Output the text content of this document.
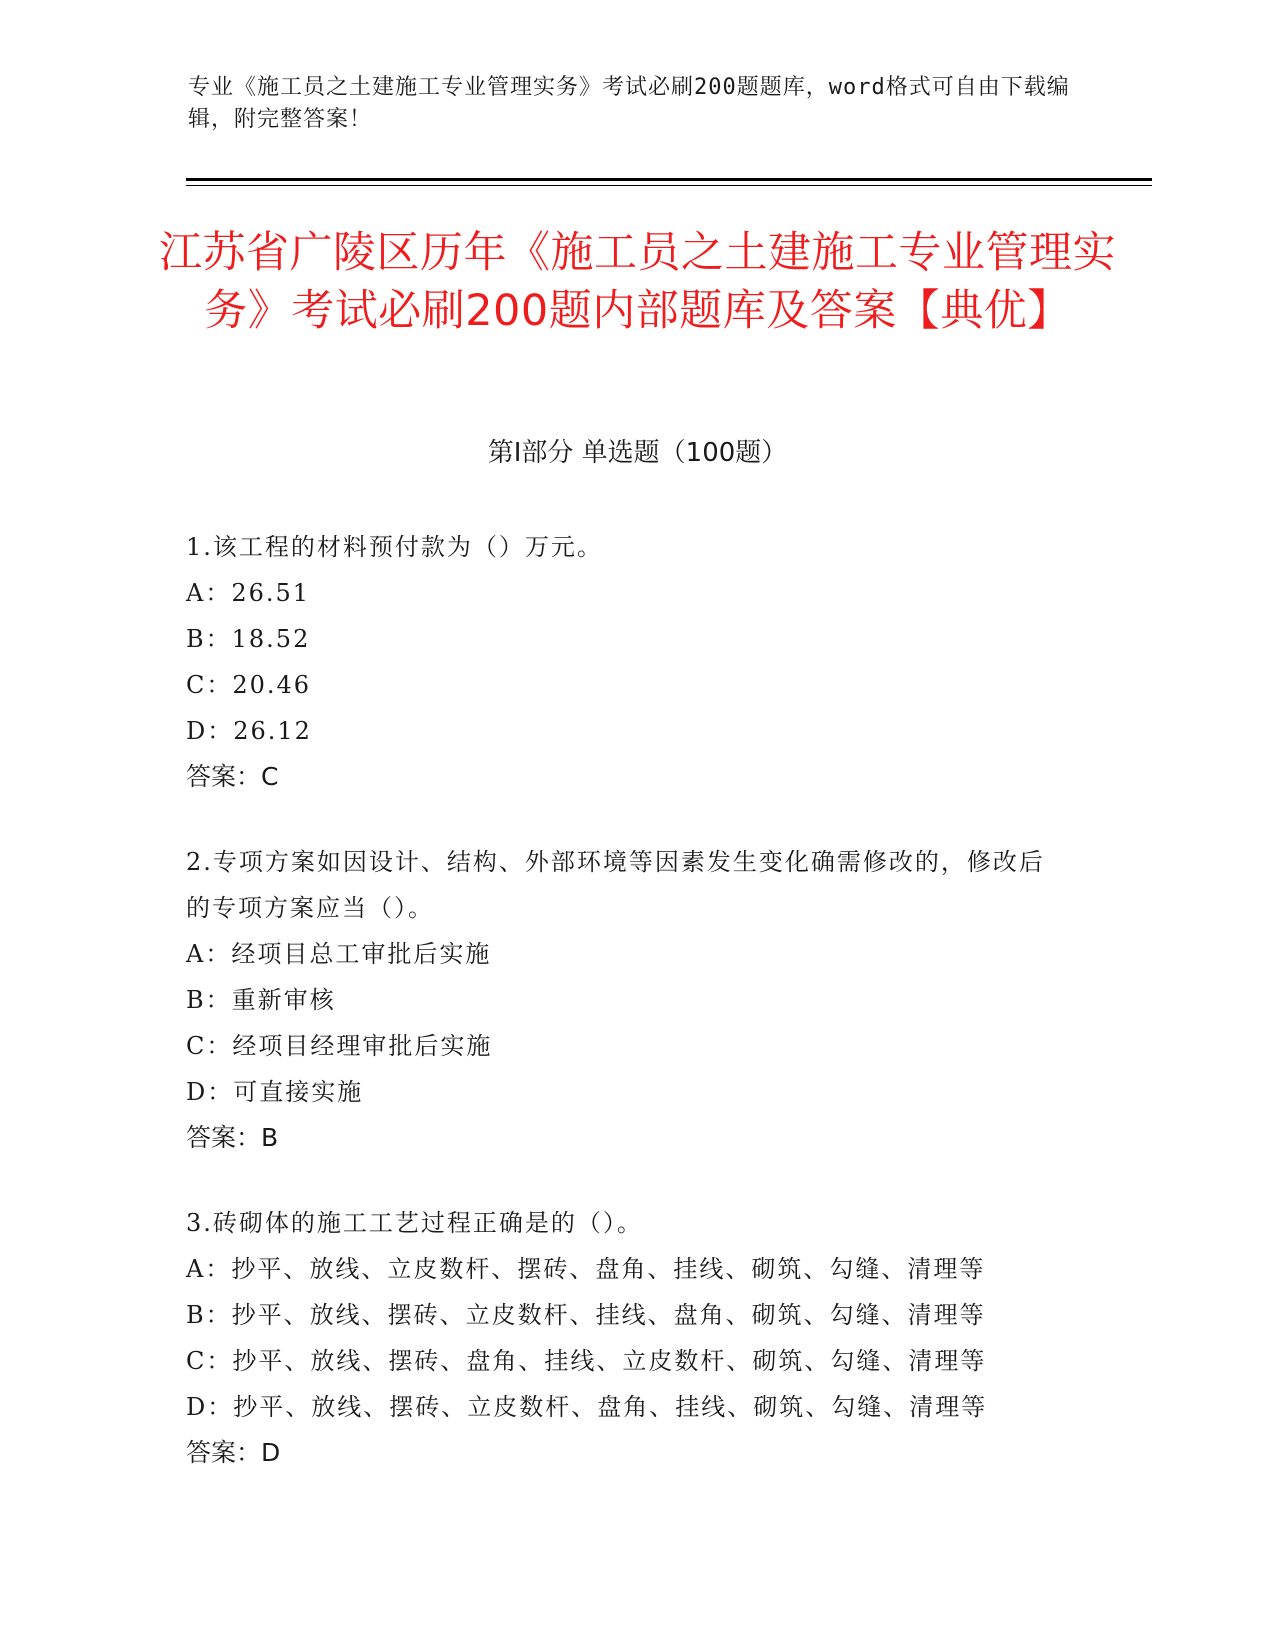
专业《施工员之土建施工专业管理实务》考试必刷200题题库，word格式可自由下载编辑，附完整答案！
江苏省广陵区历年《施工员之土建施工专业管理实务》考试必刷200题内部题库及答案【典优】
第Ⅰ部分 单选题（100题）
1.该工程的材料预付款为（）万元。
A：26.51
B：18.52
C：20.46
D：26.12
答案：C
2.专项方案如因设计、结构、外部环境等因素发生变化确需修改的，修改后的专项方案应当（）。
A：经项目总工审批后实施
B：重新审核
C：经项目经理审批后实施
D：可直接实施
答案：B
3.砖砌体的施工工艺过程正确是的（）。
A：抄平、放线、立皮数杆、摆砖、盘角、挂线、砌筑、勾缝、清理等
B：抄平、放线、摆砖、立皮数杆、挂线、盘角、砌筑、勾缝、清理等
C：抄平、放线、摆砖、盘角、挂线、立皮数杆、砌筑、勾缝、清理等
D：抄平、放线、摆砖、立皮数杆、盘角、挂线、砌筑、勾缝、清理等
答案：D
